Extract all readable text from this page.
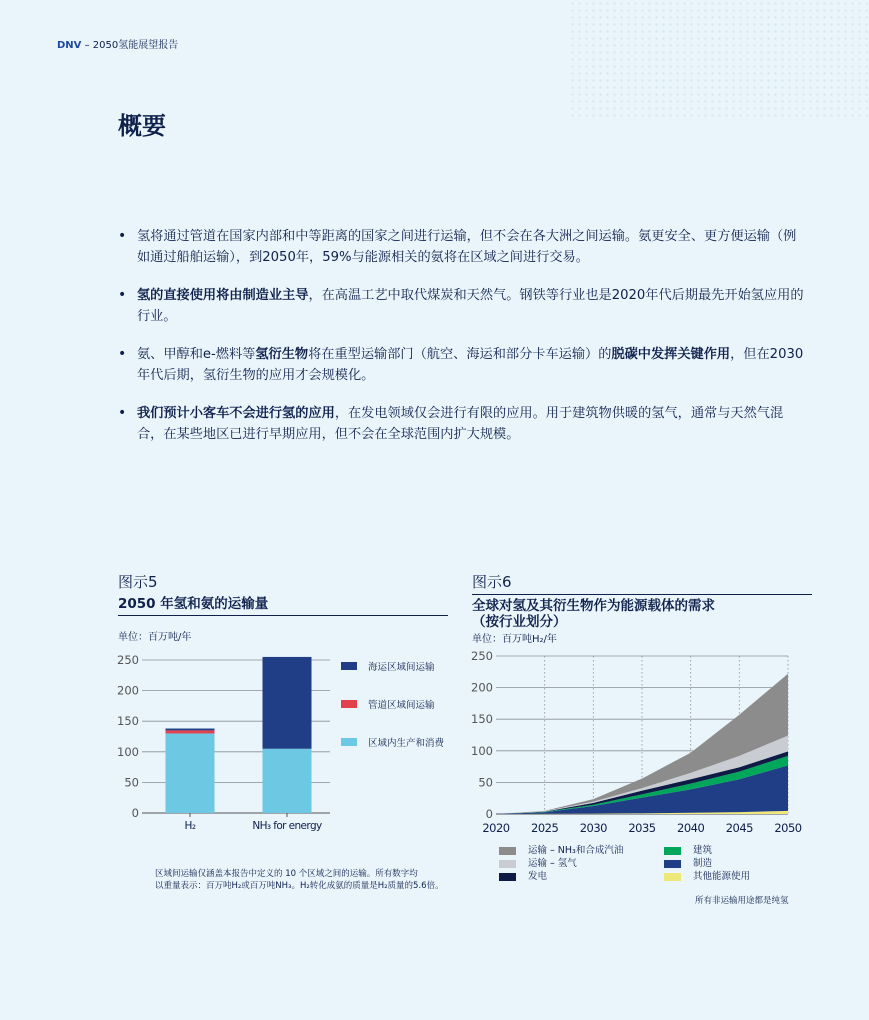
DNV – 2050氢能展望报告
概要
• 氢将通过管道在国家内部和中等距离的国家之间进行运输，但不会在各大洲之间运输。氨更安全、更方便运输（例如通过船舶运输），到2050年，59%与能源相关的氨将在区域之间进行交易。
• 氢的直接使用将由制造业主导，在高温工艺中取代煤炭和天然气。钢铁等行业也是2020年代后期最先开始氢应用的行业。
• 氨、甲醇和e-燃料等氢衍生物将在重型运输部门（航空、海运和部分卡车运输）的脱碳中发挥关键作用，但在2030年代后期，氢衍生物的应用才会规模化。
• 我们预计小客车不会进行氢的应用，在发电领域仅会进行有限的应用。用于建筑物供暖的氢气，通常与天然气混合，在某些地区已进行早期应用，但不会在全球范围内扩大规模。
图示5
2050 年氢和氨的运输量
单位：百万吨/年
0
50
100
150
200
250
H₂	NH₃ for energy
海运区域间运输
管道区域间运输
区域内生产和消费
区域间运输仅涵盖本报告中定义的 10 个区域之间的运输。所有数字均
以重量表示：百万吨H₂或百万吨NH₃。H₂转化成氨的质量是H₂质量的5.6倍。
图示6
全球对氢及其衍生物作为能源载体的需求
（按行业划分）
单位：百万吨H₂/年
0
50
100
150
200
250
2020 2025 2030 2035 2040 2045 2050
运输 – NH₃和合成汽油
运输 – 氢气
发电
建筑
制造
其他能源使用
所有非运输用途都是纯氢
